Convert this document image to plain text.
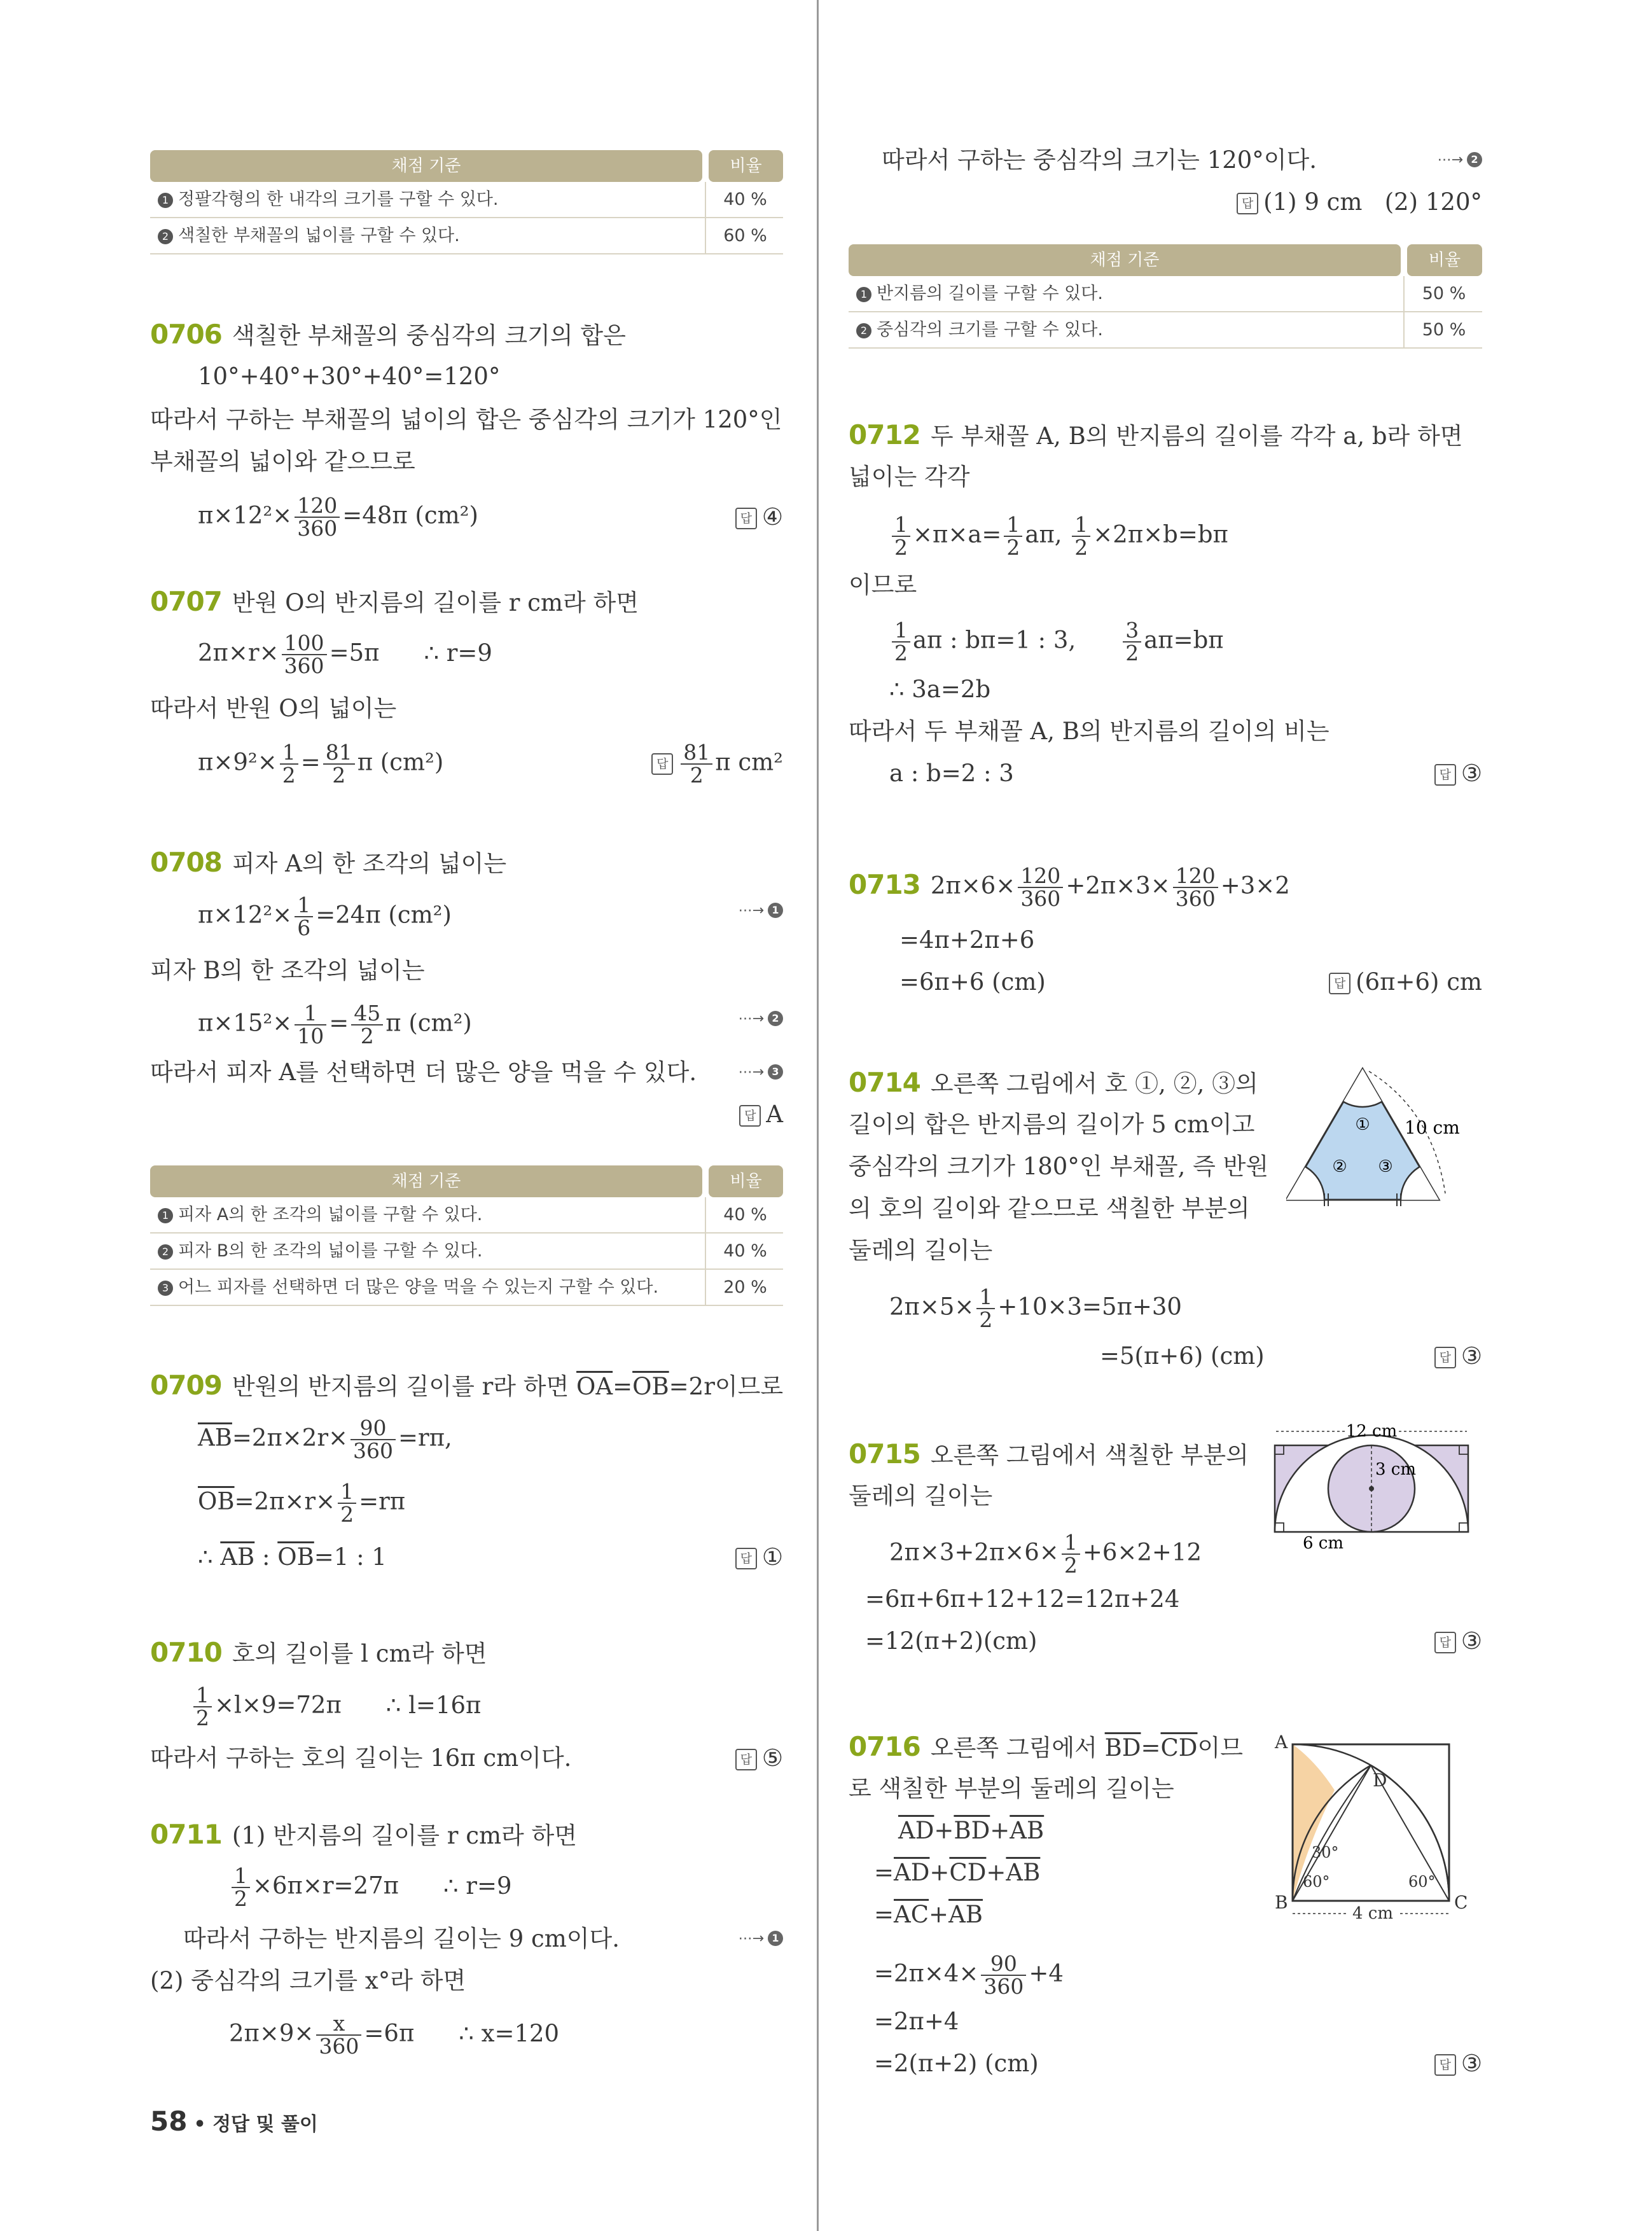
채점 기준	비율
1 정팔각형의 한 내각의 크기를 구할 수 있다.	40 %
2 색칠한 부채꼴의 넓이를 구할 수 있다.	60 %
0706 색칠한 부채꼴의 중심각의 크기의 합은
10°+40°+30°+40°=120°
따라서 구하는 부채꼴의 넓이의 합은 중심각의 크기가 120°인
부채꼴의 넓이와 같으므로
$\pi\times 12^2\times \frac{120}{360} =48\pi$ (cm²)	답 ④
0707 반원 O의 반지름의 길이를 r cm라 하면
$2\pi\times r\times \frac{100}{360} =5\pi$ ∴ r=9
따라서 반원 O의 넓이는
$\pi\times 9^2\times \frac{1}{2} = \frac{81}{2}$ π (cm²)	답 $\frac{81}{2}$ π cm²
0708 피자 A의 한 조각의 넓이는
$\pi\times 12^2\times \frac{1}{6} =24\pi$ (cm²)	⋯→ 1
피자 B의 한 조각의 넓이는
$\pi\times 15^2\times \frac{1}{10} = \frac{45}{2}$ π (cm²)	⋯→ 2
따라서 피자 A를 선택하면 더 많은 양을 먹을 수 있다.	⋯→ 3
답 A
채점 기준	비율
1 피자 A의 한 조각의 넓이를 구할 수 있다.	40 %
2 피자 B의 한 조각의 넓이를 구할 수 있다.	40 %
3 어느 피자를 선택하면 더 많은 양을 먹을 수 있는지 구할 수 있다.	20 %
0709 반원의 반지름의 길이를 r라 하면 $\overline{OA}=\overline{OB}=2r$이므로
$\overline{AB}=2\pi\times 2r\times \frac{90}{360} =r\pi$,
$\overline{OB}=2\pi\times r\times \frac{1}{2} =r\pi$
∴ $\overline{AB}$ : $\overline{OB}=1$ : 1	답 ①
0710 호의 길이를 l cm라 하면
$\frac{1}{2} \times l\times 9=72\pi$ ∴ l=16π
따라서 구하는 호의 길이는 16π cm이다.	답 ⑤
0711 (1) 반지름의 길이를 r cm라 하면
$\frac{1}{2} \times 6\pi\times r=27\pi$ ∴ r=9
따라서 구하는 반지름의 길이는 9 cm이다.	⋯→ 1
(2) 중심각의 크기를 x°라 하면
$2\pi\times 9\times \frac{x}{360} =6\pi$ ∴ x=120
따라서 구하는 중심각의 크기는 120°이다.	⋯→ 2
답 (1) 9 cm   (2) 120°
채점 기준	비율
1 반지름의 길이를 구할 수 있다.	50 %
2 중심각의 크기를 구할 수 있다.	50 %
0712 두 부채꼴 A, B의 반지름의 길이를 각각 a, b라 하면
넓이는 각각
$\frac{1}{2} \times\pi\times a= \frac{1}{2} a\pi$, $\frac{1}{2} \times 2\pi\times b=b\pi$
이므로
$\frac{1}{2}$ aπ : bπ=1 : 3, $\frac{3}{2} a\pi=b\pi$
∴ 3a=2b
따라서 두 부채꼴 A, B의 반지름의 길이의 비는
a : b=2 : 3	답 ③
0713 $2\pi\times 6\times \frac{120}{360} +2\pi\times 3\times \frac{120}{360} +3\times 2$
=4π+2π+6
=6π+6 (cm)	답 (6π+6) cm
0714 오른쪽 그림에서 호 ①, ②, ③의
길이의 합은 반지름의 길이가 5 cm이고
중심각의 크기가 180°인 부채꼴, 즉 반원
의 호의 길이와 같으므로 색칠한 부분의
둘레의 길이는
$2\pi\times 5\times \frac{1}{2} +10\times 3=5\pi+30$
=5(π+6) (cm)	답 ③
①
② ③
10 cm
0715 오른쪽 그림에서 색칠한 부분의
둘레의 길이는
$2\pi\times 3+2\pi\times 6\times \frac{1}{2} +6\times 2+12$
=6π+6π+12+12=12π+24
=12(π+2)(cm)	답 ③
12 cm
3 cm
6 cm
0716 오른쪽 그림에서 $\overline{BD}=\overline{CD}$이므
로 색칠한 부분의 둘레의 길이는
$\overline{AD}+\overline{BD}+\overline{AB}$
$=\overline{AD}+\overline{CD}+\overline{AB}$
$=\overline{AC}+\overline{AB}$
$=2\pi\times 4\times \frac{90}{360} +4$
=2π+4
=2(π+2) (cm)	답 ③
A
B	C
D
30°
60°	60°
4 cm
58 • 정답 및 풀이
